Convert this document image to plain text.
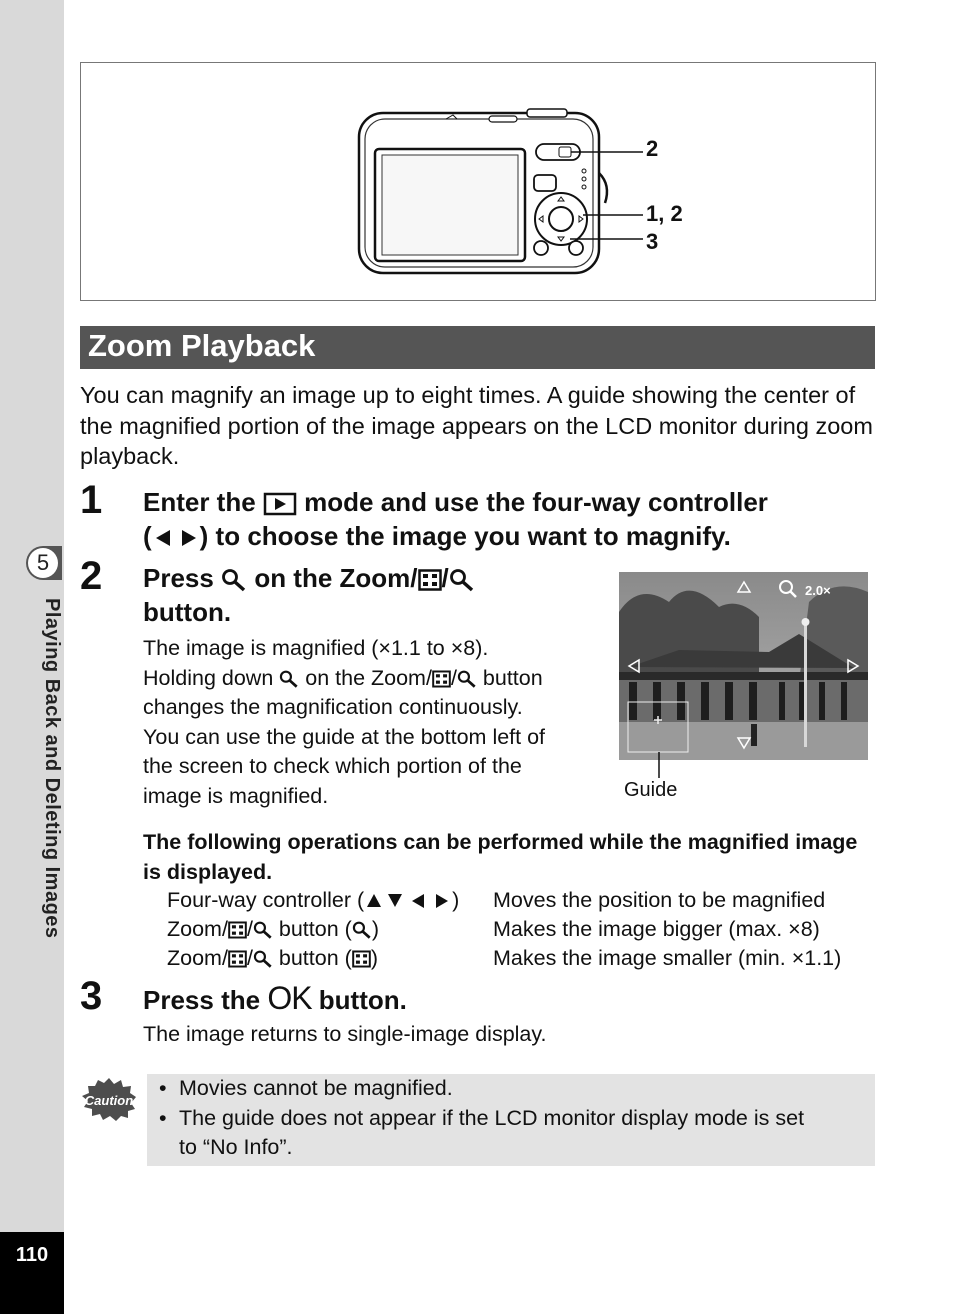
5
Playing Back and Deleting Images
110
2
1, 2
3
Zoom Playback
You can magnify an image up to eight times. A guide showing the center of the magnified portion of the image appears on the LCD monitor during zoom playback.
1 Enter the mode and use the four-way controller
( ) to choose the image you want to magnify.
2 Press on the Zoom/ /
button.
The image is magnified (×1.1 to ×8).
Holding down on the Zoom/ / button
changes the magnification continuously.
You can use the guide at the bottom left of
the screen to check which portion of the
image is magnified.
2.0×
Guide
The following operations can be performed while the magnified image is displayed.
Four-way controller (	) Moves the position to be magnified
Zoom/ / button ( )	Makes the image bigger (max. ×8)
Zoom/ / button ( )	Makes the image smaller (min. ×1.1)
3 Press the OK button.
The image returns to single-image display.
Caution
• Movies cannot be magnified.
• The guide does not appear if the LCD monitor display mode is set
to “No Info”.
